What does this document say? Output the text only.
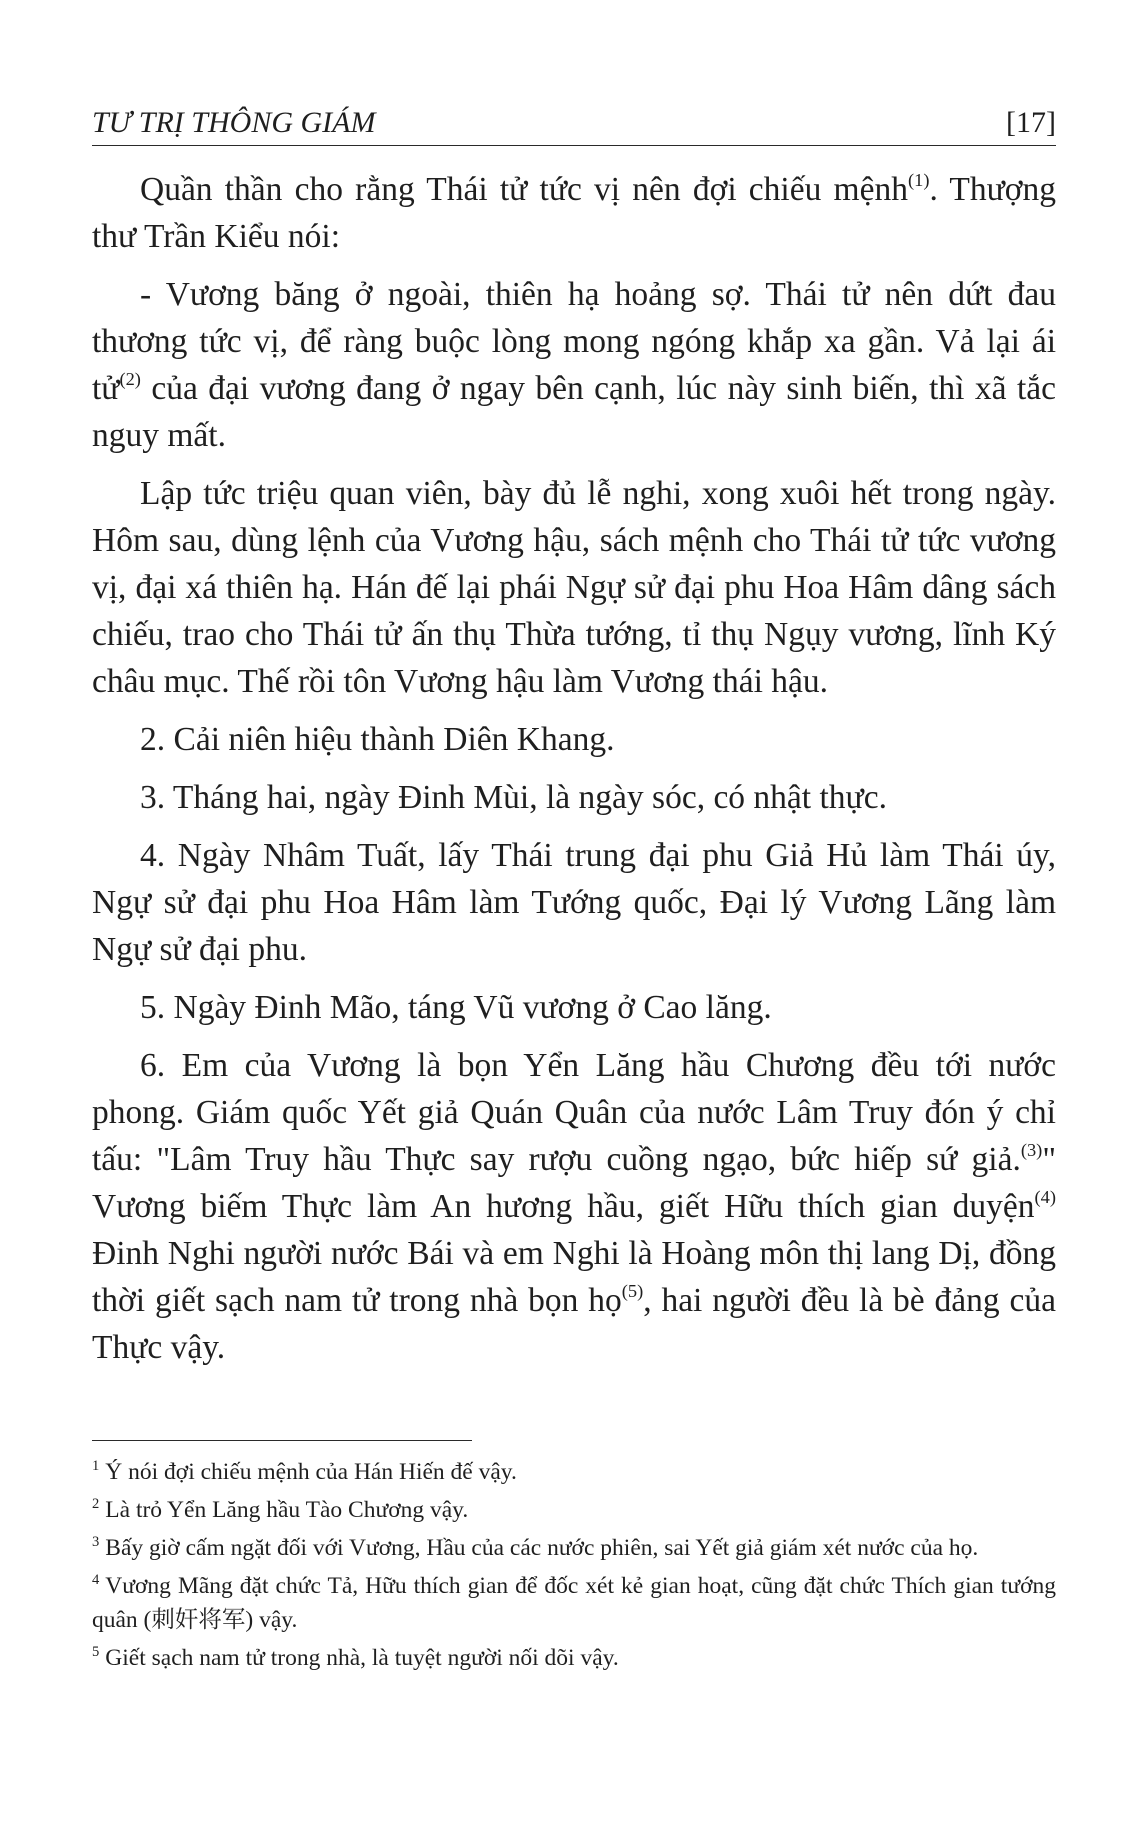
TƯ TRỊ THÔNG GIÁM	[17]

Quần thần cho rằng Thái tử tức vị nên đợi chiếu mệnh$^{(1)}$. Thượng thư Trần Kiểu nói:

- Vương băng ở ngoài, thiên hạ hoảng sợ. Thái tử nên dứt đau thương tức vị, để ràng buộc lòng mong ngóng khắp xa gần. Vả lại ái tử$^{(2)}$ của đại vương đang ở ngay bên cạnh, lúc này sinh biến, thì xã tắc nguy mất.

Lập tức triệu quan viên, bày đủ lễ nghi, xong xuôi hết trong ngày. Hôm sau, dùng lệnh của Vương hậu, sách mệnh cho Thái tử tức vương vị, đại xá thiên hạ. Hán đế lại phái Ngự sử đại phu Hoa Hâm dâng sách chiếu, trao cho Thái tử ấn thụ Thừa tướng, tỉ thụ Ngụy vương, lĩnh Ký châu mục. Thế rồi tôn Vương hậu làm Vương thái hậu.

2. Cải niên hiệu thành Diên Khang.

3. Tháng hai, ngày Đinh Mùi, là ngày sóc, có nhật thực.

4. Ngày Nhâm Tuất, lấy Thái trung đại phu Giả Hủ làm Thái úy, Ngự sử đại phu Hoa Hâm làm Tướng quốc, Đại lý Vương Lãng làm Ngự sử đại phu.

5. Ngày Đinh Mão, táng Vũ vương ở Cao lăng.

6. Em của Vương là bọn Yển Lăng hầu Chương đều tới nước phong. Giám quốc Yết giả Quán Quân của nước Lâm Truy đón ý chỉ tấu: "Lâm Truy hầu Thực say rượu cuồng ngạo, bức hiếp sứ giả.$^{(3)}$" Vương biếm Thực làm An hương hầu, giết Hữu thích gian duyện$^{(4)}$ Đinh Nghi người nước Bái và em Nghi là Hoàng môn thị lang Dị, đồng thời giết sạch nam tử trong nhà bọn họ$^{(5)}$, hai người đều là bè đảng của Thực vậy.

$^1$ Ý nói đợi chiếu mệnh của Hán Hiến đế vậy.
$^2$ Là trỏ Yển Lăng hầu Tào Chương vậy.
$^3$ Bấy giờ cấm ngặt đối với Vương, Hầu của các nước phiên, sai Yết giả giám xét nước của họ.
$^4$ Vương Mãng đặt chức Tả, Hữu thích gian để đốc xét kẻ gian hoạt, cũng đặt chức Thích gian tướng quân (刺奸将军) vậy.
$^5$ Giết sạch nam tử trong nhà, là tuyệt người nối dõi vậy.
